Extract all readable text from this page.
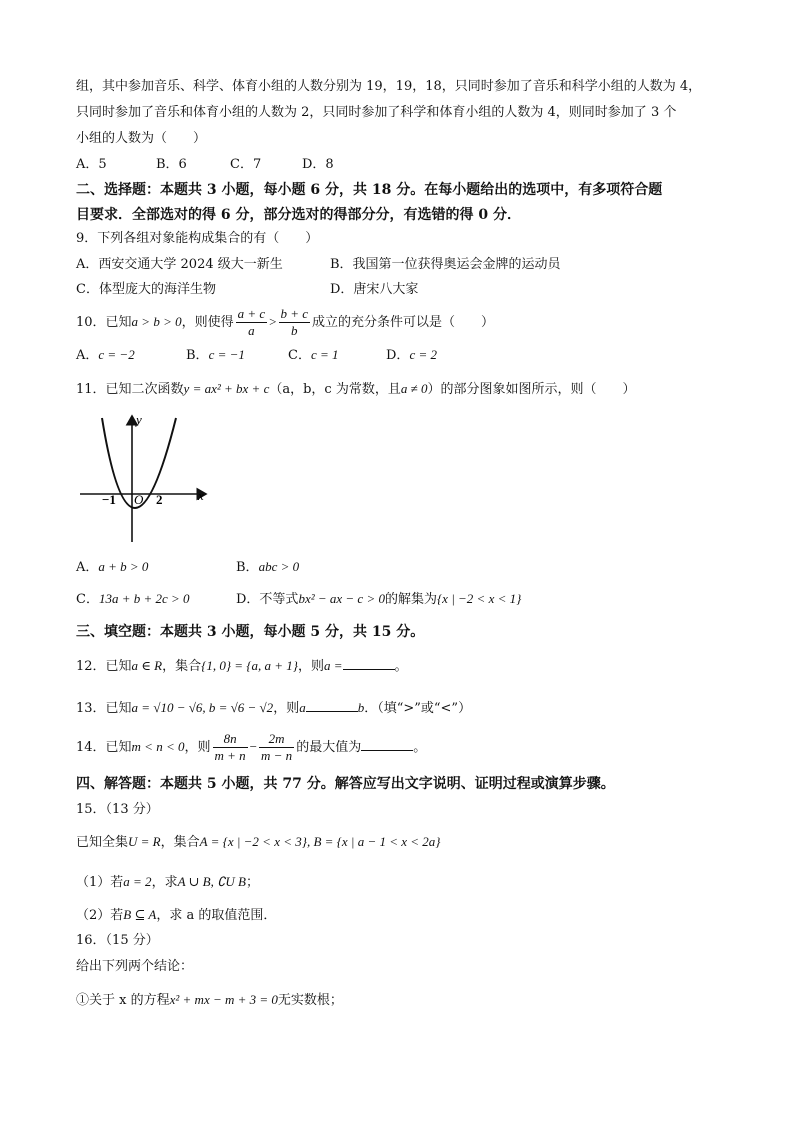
组，其中参加音乐、科学、体育小组的人数分别为 19，19，18，只同时参加了音乐和科学小组的人数为 4，
只同时参加了音乐和体育小组的人数为 2，只同时参加了科学和体育小组的人数为 4，则同时参加了 3 个
小组的人数为（　　）
A．5	B．6	C．7	D．8
二、选择题：本题共 3 小题，每小题 6 分，共 18 分。在每小题给出的选项中，有多项符合题
目要求．全部选对的得 6 分，部分选对的得部分分，有选错的得 0 分．
9．下列各组对象能构成集合的有（　　）
A．西安交通大学 2024 级大一新生	B．我国第一位获得奥运会金牌的运动员
C．体型庞大的海洋生物	D．唐宋八大家
10．已知a > b > 0，则使得 $\frac{a + c}{a} > \frac{b + c}{b}$ 成立的充分条件可以是（　　）
A．c = −2	B．c = −1	C．c = 1	D．c = 2
11．已知二次函数y = ax² + bx + c（a，b，c 为常数，且a ≠ 0）的部分图象如图所示，则（　　）
y
x
O
−1	2
A．a + b > 0	B．abc > 0
C．13a + b + 2c > 0	D．不等式bx² − ax − c > 0的解集为{x | −2 < x < 1}
三、填空题：本题共 3 小题，每小题 5 分，共 15 分。
12．已知a ∈ R，集合{1, 0} = {a, a + 1}，则a =	。
13．已知a = √10 − √6, b = √6 − √2，则a	b．（填“>”或“<”）
14．已知m < n < 0，则 $\frac{8n}{m + n} - \frac{2m}{m - n}$ 的最大值为	。
四、解答题：本题共 5 小题，共 77 分。解答应写出文字说明、证明过程或演算步骤。
15．（13 分）
已知全集U = R，集合A = {x | −2 < x < 3}, B = {x | a − 1 < x < 2a}
（1）若a = 2，求A ∪ B, ∁U B；
（2）若B ⊆ A，求 a 的取值范围．
16．（15 分）
给出下列两个结论：
①关于 x 的方程x² + mx − m + 3 = 0无实数根；
